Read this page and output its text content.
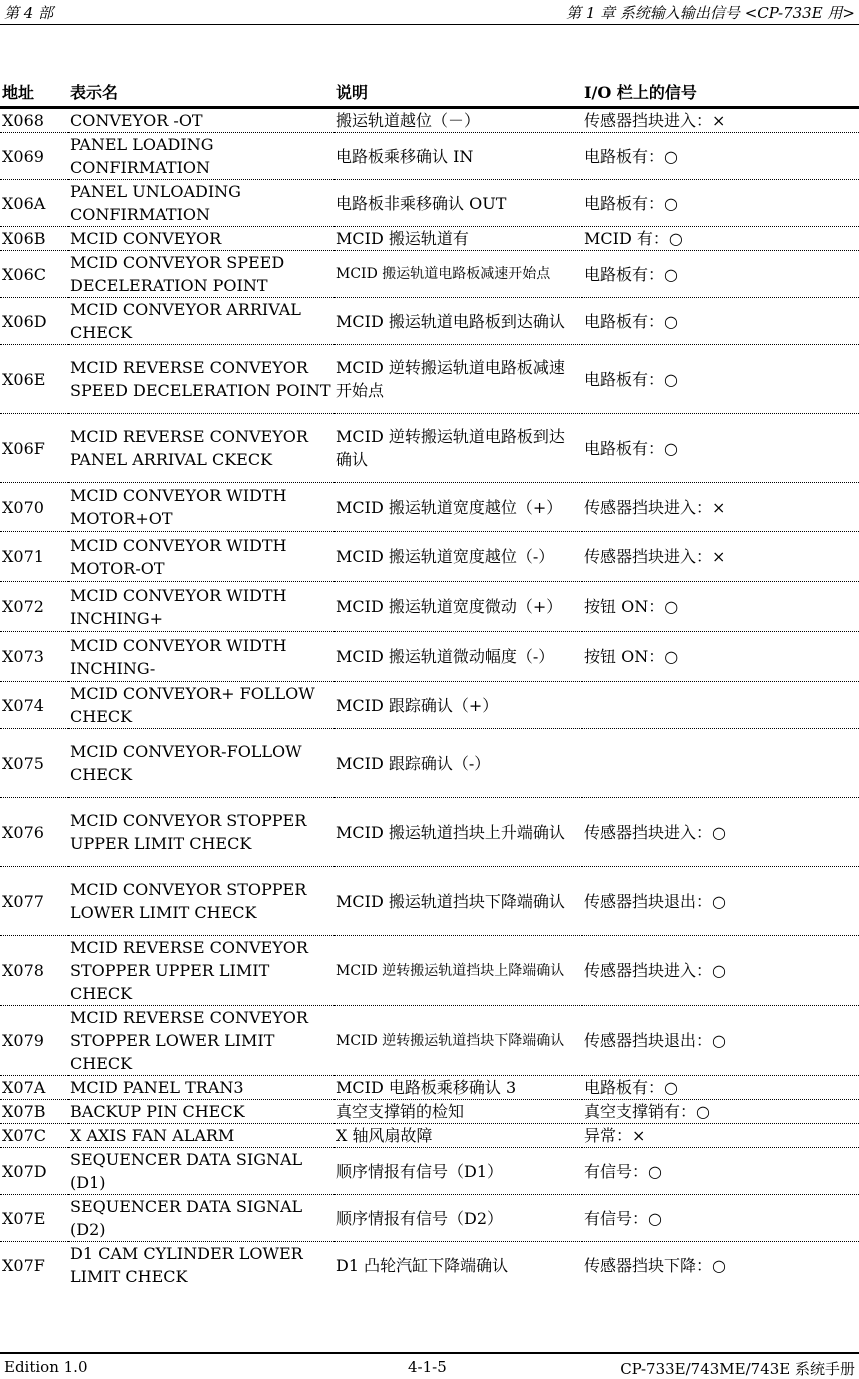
第 4 部	第 1 章 系统输入输出信号 <CP-733E 用>
地址	表示名	说明	I/O 栏上的信号
X068	CONVEYOR -OT	搬运轨道越位（－）	传感器挡块进入：×
X069	PANEL LOADING CONFIRMATION	电路板乘移确认 IN	电路板有：○
X06A	PANEL UNLOADING CONFIRMATION	电路板非乘移确认 OUT	电路板有：○
X06B	MCID CONVEYOR	MCID 搬运轨道有	MCID 有：○
X06C	MCID CONVEYOR SPEED DECELERATION POINT	MCID 搬运轨道电路板减速开始点	电路板有：○
X06D	MCID CONVEYOR ARRIVAL CHECK	MCID 搬运轨道电路板到达确认	电路板有：○
X06E	MCID REVERSE CONVEYOR SPEED DECELERATION POINT	MCID 逆转搬运轨道电路板减速开始点	电路板有：○
X06F	MCID REVERSE CONVEYOR PANEL ARRIVAL CKECK	MCID 逆转搬运轨道电路板到达确认	电路板有：○
X070	MCID CONVEYOR WIDTH MOTOR+OT	MCID 搬运轨道宽度越位（+）	传感器挡块进入：×
X071	MCID CONVEYOR WIDTH MOTOR-OT	MCID 搬运轨道宽度越位（-）	传感器挡块进入：×
X072	MCID CONVEYOR WIDTH INCHING+	MCID 搬运轨道宽度微动（+）	按钮 ON：○
X073	MCID CONVEYOR WIDTH INCHING-	MCID 搬运轨道微动幅度（-）	按钮 ON：○
X074	MCID CONVEYOR+ FOLLOW CHECK	MCID 跟踪确认（+）	
X075	MCID CONVEYOR-FOLLOW CHECK	MCID 跟踪确认（-）	
X076	MCID CONVEYOR STOPPER UPPER LIMIT CHECK	MCID 搬运轨道挡块上升端确认	传感器挡块进入：○
X077	MCID CONVEYOR STOPPER LOWER LIMIT CHECK	MCID 搬运轨道挡块下降端确认	传感器挡块退出：○
X078	MCID REVERSE CONVEYOR STOPPER UPPER LIMIT CHECK	MCID 逆转搬运轨道挡块上降端确认	传感器挡块进入：○
X079	MCID REVERSE CONVEYOR STOPPER LOWER LIMIT CHECK	MCID 逆转搬运轨道挡块下降端确认	传感器挡块退出：○
X07A	MCID PANEL TRAN3	MCID 电路板乘移确认 3	电路板有：○
X07B	BACKUP PIN CHECK	真空支撑销的检知	真空支撑销有：○
X07C	X AXIS FAN ALARM	X 轴风扇故障	异常：×
X07D	SEQUENCER DATA SIGNAL (D1)	顺序情报有信号（D1）	有信号：○
X07E	SEQUENCER DATA SIGNAL (D2)	顺序情报有信号（D2）	有信号：○
X07F	D1 CAM CYLINDER LOWER LIMIT CHECK	D1 凸轮汽缸下降端确认	传感器挡块下降：○
Edition 1.0	4-1-5	CP-733E/743ME/743E 系统手册
